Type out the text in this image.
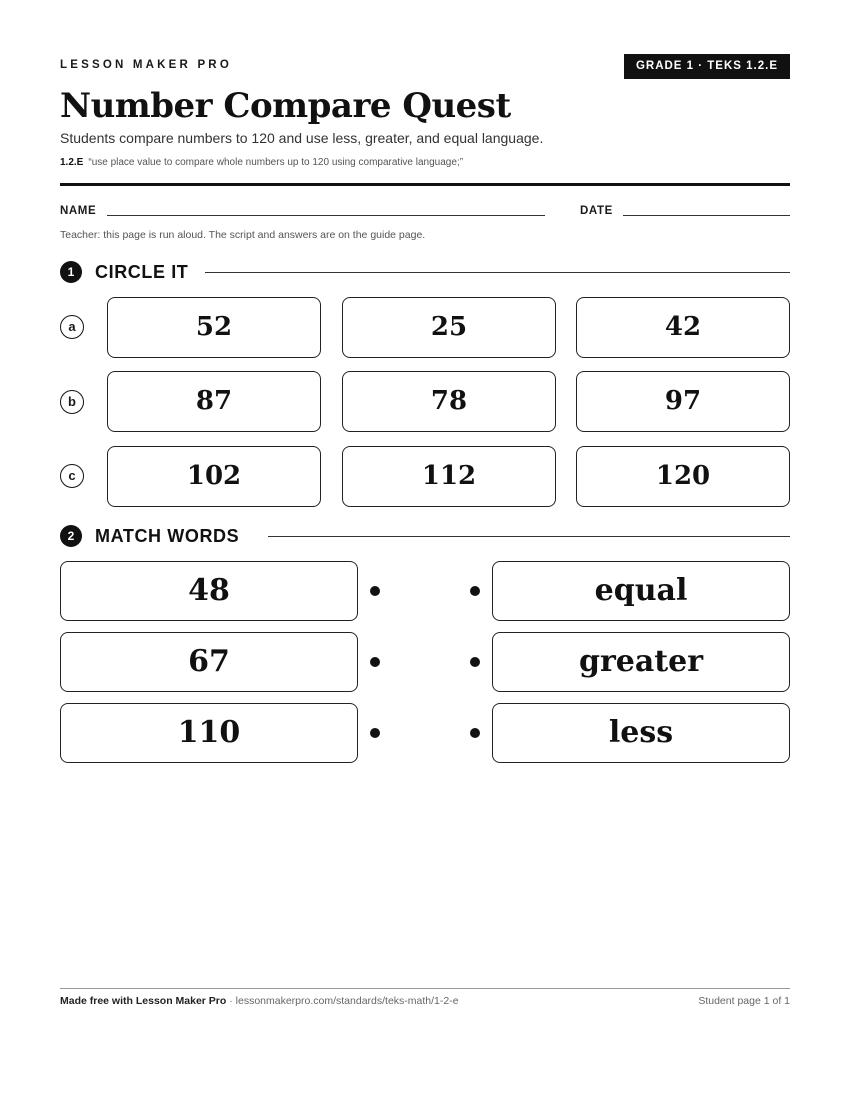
LESSON MAKER PRO	GRADE 1 · TEKS 1.2.E
Number Compare Quest
Students compare numbers to 120 and use less, greater, and equal language.
1.2.E “use place value to compare whole numbers up to 120 using comparative language;”
NAME	DATE
Teacher: this page is run aloud. The script and answers are on the guide page.
1	CIRCLE IT
a	52	25	42
b	87	78	97
c	102	112	120
2	MATCH WORDS
48	equal
67	greater
110	less
Made free with Lesson Maker Pro · lessonmakerpro.com/standards/teks-math/1-2-e	Student page 1 of 1
